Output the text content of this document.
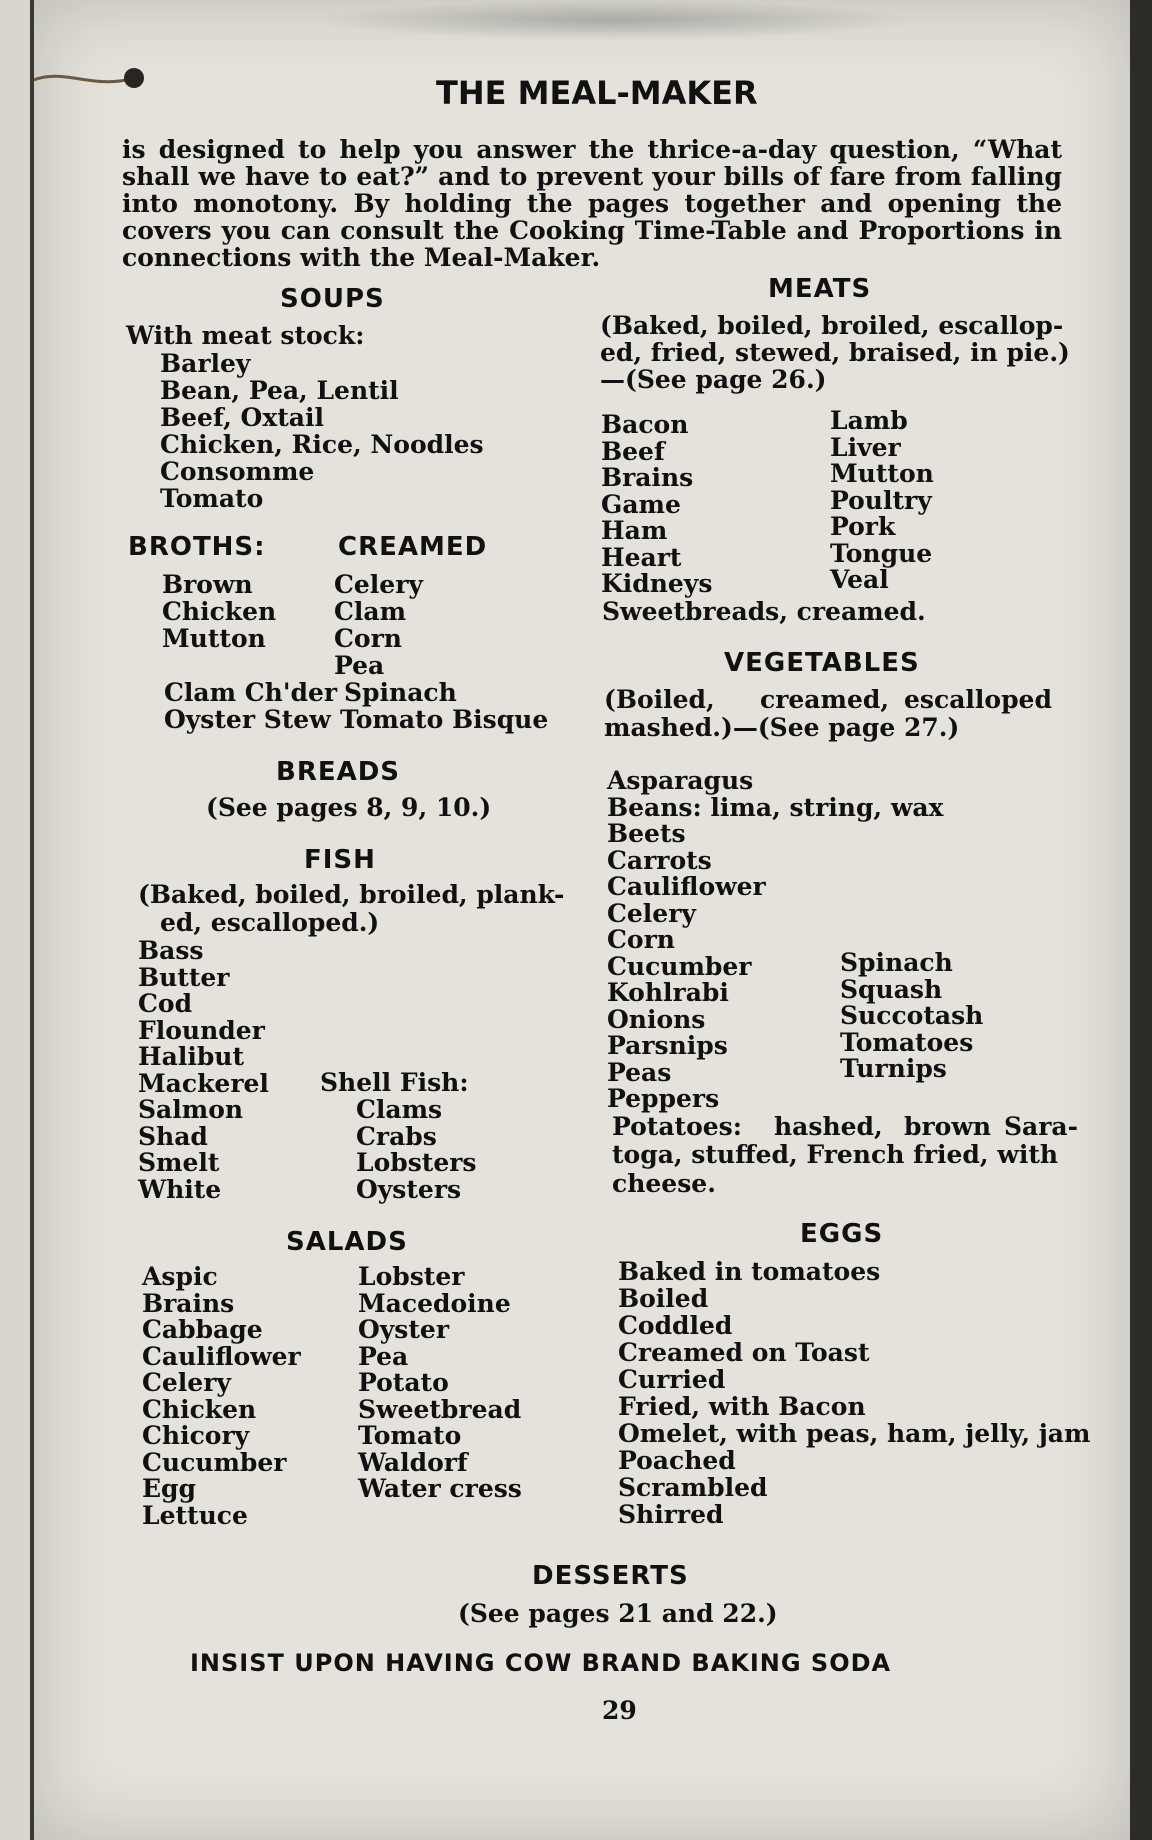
THE MEAL-MAKER

is designed to help you answer the thrice-a-day question, “What shall we have to eat?” and to prevent your bills of fare from falling into monotony. By holding the pages together and opening the covers you can consult the Cooking Time-Table and Proportions in connections with the Meal-Maker.

SOUPS
With meat stock:
Barley
Bean, Pea, Lentil
Beef, Oxtail
Chicken, Rice, Noodles
Consomme
Tomato
BROTHS:	CREAMED
Brown
Chicken
Mutton
Celery
Clam
Corn
Pea
Clam Ch'der Spinach
Oyster Stew Tomato Bisque
BREADS
(See pages 8, 9, 10.)
FISH
(Baked, boiled, broiled, plank-
ed, escalloped.)
Bass
Butter
Cod
Flounder
Halibut
Mackerel
Salmon
Shad
Smelt
White
Shell Fish:
Clams
Crabs
Lobsters
Oysters
SALADS
Aspic
Brains
Cabbage
Cauliflower
Celery
Chicken
Chicory
Cucumber
Egg
Lettuce
Lobster
Macedoine
Oyster
Pea
Potato
Sweetbread
Tomato
Waldorf
Water cress
MEATS
(Baked, boiled, broiled, escallop-
ed, fried, stewed, braised, in pie.)
—(See page 26.)
Bacon
Beef
Brains
Game
Ham
Heart
Kidneys
Lamb
Liver
Mutton
Poultry
Pork
Tongue
Veal
Sweetbreads, creamed.
VEGETABLES
(Boiled, creamed, escalloped
mashed.)—(See page 27.)
Asparagus
Beans: lima, string, wax
Beets
Carrots
Cauliflower
Celery
Corn
Cucumber
Kohlrabi
Onions
Parsnips
Peas
Peppers
Spinach
Squash
Succotash
Tomatoes
Turnips
Potatoes: hashed, brown Sara-
toga, stuffed, French fried, with
cheese.
EGGS
Baked in tomatoes
Boiled
Coddled
Creamed on Toast
Curried
Fried, with Bacon
Omelet, with peas, ham, jelly, jam
Poached
Scrambled
Shirred
DESSERTS
(See pages 21 and 22.)
INSIST UPON HAVING COW BRAND BAKING SODA
29
